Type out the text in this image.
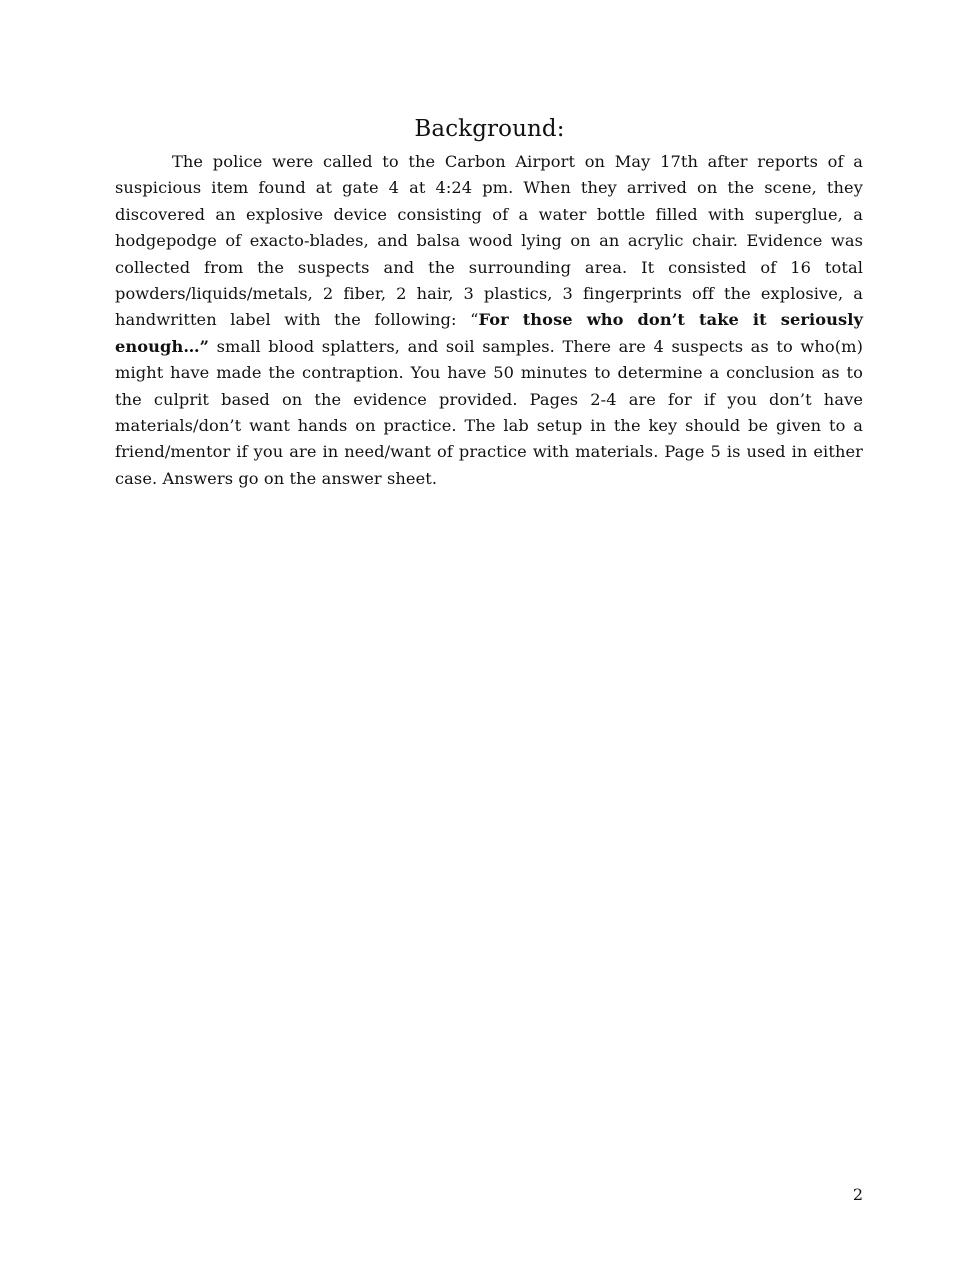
Background:

The police were called to the Carbon Airport on May 17th after reports of a suspicious item found at gate 4 at 4:24 pm. When they arrived on the scene, they discovered an explosive device consisting of a water bottle filled with superglue, a hodgepodge of exacto-blades, and balsa wood lying on an acrylic chair. Evidence was collected from the suspects and the surrounding area. It consisted of 16 total powders/liquids/metals, 2 fiber, 2 hair, 3 plastics, 3 fingerprints off the explosive, a handwritten label with the following: “For those who don’t take it seriously enough…” small blood splatters, and soil samples. There are 4 suspects as to who(m) might have made the contraption. You have 50 minutes to determine a conclusion as to the culprit based on the evidence provided. Pages 2-4 are for if you don’t have materials/don’t want hands on practice. The lab setup in the key should be given to a friend/mentor if you are in need/want of practice with materials. Page 5 is used in either case. Answers go on the answer sheet.

2
